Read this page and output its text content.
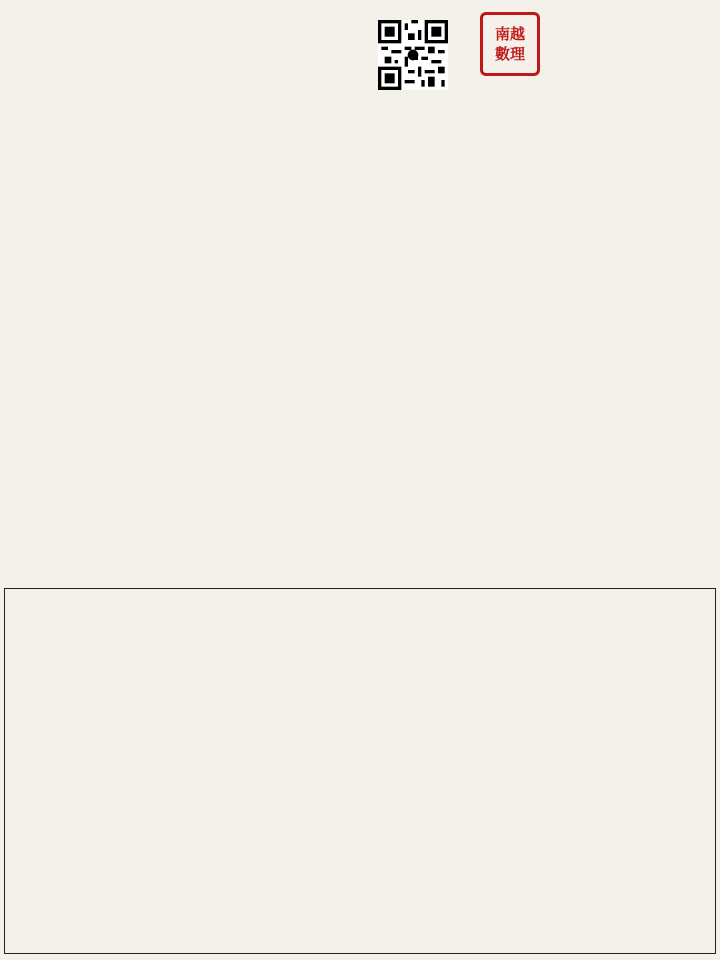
南越
數理
